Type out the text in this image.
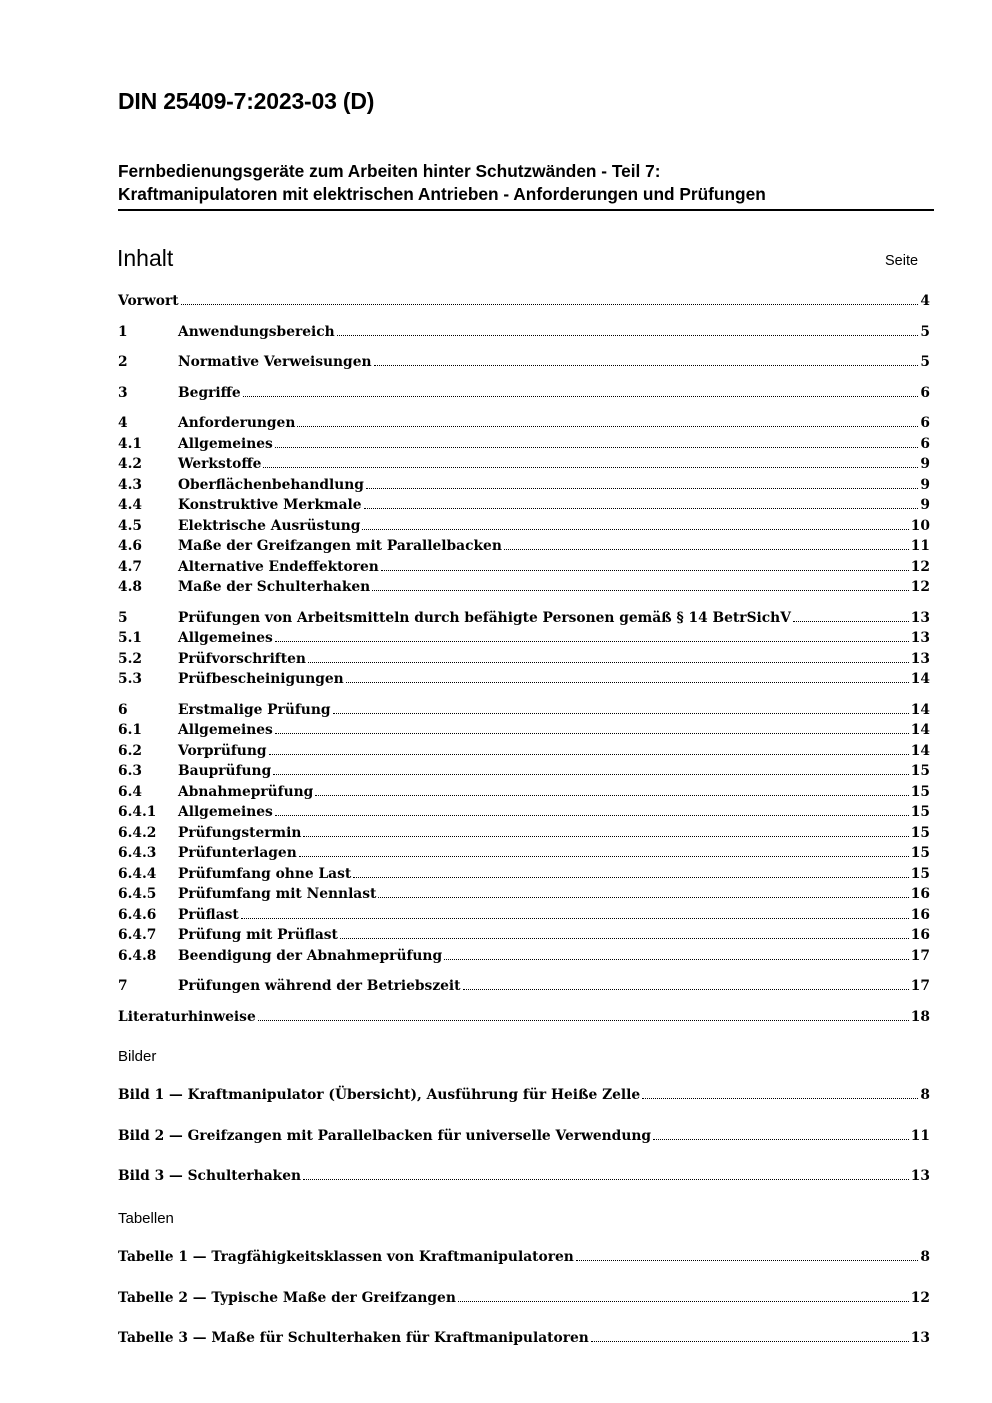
DIN 25409-7:2023-03 (D)
Fernbedienungsgeräte zum Arbeiten hinter Schutzwänden - Teil 7:
Kraftmanipulatoren mit elektrischen Antrieben - Anforderungen und Prüfungen
Inhalt	Seite
Vorwort	4
1	Anwendungsbereich	5
2	Normative Verweisungen	5
3	Begriffe	6
4	Anforderungen	6
4.1	Allgemeines	6
4.2	Werkstoffe	9
4.3	Oberflächenbehandlung	9
4.4	Konstruktive Merkmale	9
4.5	Elektrische Ausrüstung	10
4.6	Maße der Greifzangen mit Parallelbacken	11
4.7	Alternative Endeffektoren	12
4.8	Maße der Schulterhaken	12
5	Prüfungen von Arbeitsmitteln durch befähigte Personen gemäß § 14 BetrSichV	13
5.1	Allgemeines	13
5.2	Prüfvorschriften	13
5.3	Prüfbescheinigungen	14
6	Erstmalige Prüfung	14
6.1	Allgemeines	14
6.2	Vorprüfung	14
6.3	Bauprüfung	15
6.4	Abnahmeprüfung	15
6.4.1	Allgemeines	15
6.4.2	Prüfungstermin	15
6.4.3	Prüfunterlagen	15
6.4.4	Prüfumfang ohne Last	15
6.4.5	Prüfumfang mit Nennlast	16
6.4.6	Prüflast	16
6.4.7	Prüfung mit Prüflast	16
6.4.8	Beendigung der Abnahmeprüfung	17
7	Prüfungen während der Betriebszeit	17
Literaturhinweise	18
Bilder
Bild 1 — Kraftmanipulator (Übersicht), Ausführung für Heiße Zelle	8
Bild 2 — Greifzangen mit Parallelbacken für universelle Verwendung	11
Bild 3 — Schulterhaken	13
Tabellen
Tabelle 1 — Tragfähigkeitsklassen von Kraftmanipulatoren	8
Tabelle 2 — Typische Maße der Greifzangen	12
Tabelle 3 — Maße für Schulterhaken für Kraftmanipulatoren	13
